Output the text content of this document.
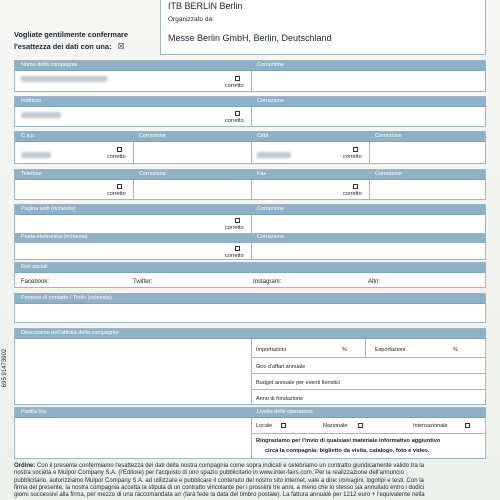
Vogliate gentilmente confermare
l'esattezza dei dati con una: ☒
ITB BERLIN Berlin
Organizzato da:
Messe Berlin GmbH, Berlin, Deutschland
Nome della compagnia	Correzione
corretto
Indirizzo	Correzione
corretto
C.a.p.	Correzione	Città	Correzione
corretto	corretto
Telefono	Correzione	Fax	Correzione
corretto	corretto
Pagina web (richiesta)	Correzione
corretto
Posta elettronica (richiesta)	Correzione
corretto
Reti sociali
Facebook:	Twitter:	Instagram:	Altri:
Persona di contatto / Titolo (richiesta)
695 91473902
Descrizione dell'attività della compagnia
Importazioni	%	Esportazioni	%
Giro d'affari annuale
Budget annuale per eventi fieristici
Anno di fondazione
Partita Iva	Livello delle operazioni
Locale	Nazionale	Internazionale
Ringraziamo per l'invio di qualsiasi materiale informativo aggiuntivo
circa la compagnia: biglietto da visita, catalogo, foto e video.
Ordine: Con il presente confermiamo l'esattezza dei dati della nostra compagnia come sopra indicati e celebriamo un contratto giuridicamente valido tra la
nostra società e Mulpor Company S.A. (l'Editore) per l'acquisto di uno spazio pubblicitario in www.inter-fairs.com. Per la realizzazione dell'annuncio
pubblicitario, autorizziamo Mulpor Company S.A. ad utilizzare e pubblicare il contenuto del nostro sito internet, vale a dire: immagini, logotipi e testi. Con la
firma del presente, la nostra compagnia accetta la stipula di un contratto vincolante per i prossimi tre anni, a meno che lo stesso sia annullato entro i dodici
giorni successivi alla firma, per mezzo di una raccomandata a/r (farà fede la data del timbro postale). La fattura annuale per 1212 euro + l'equivalente nella
